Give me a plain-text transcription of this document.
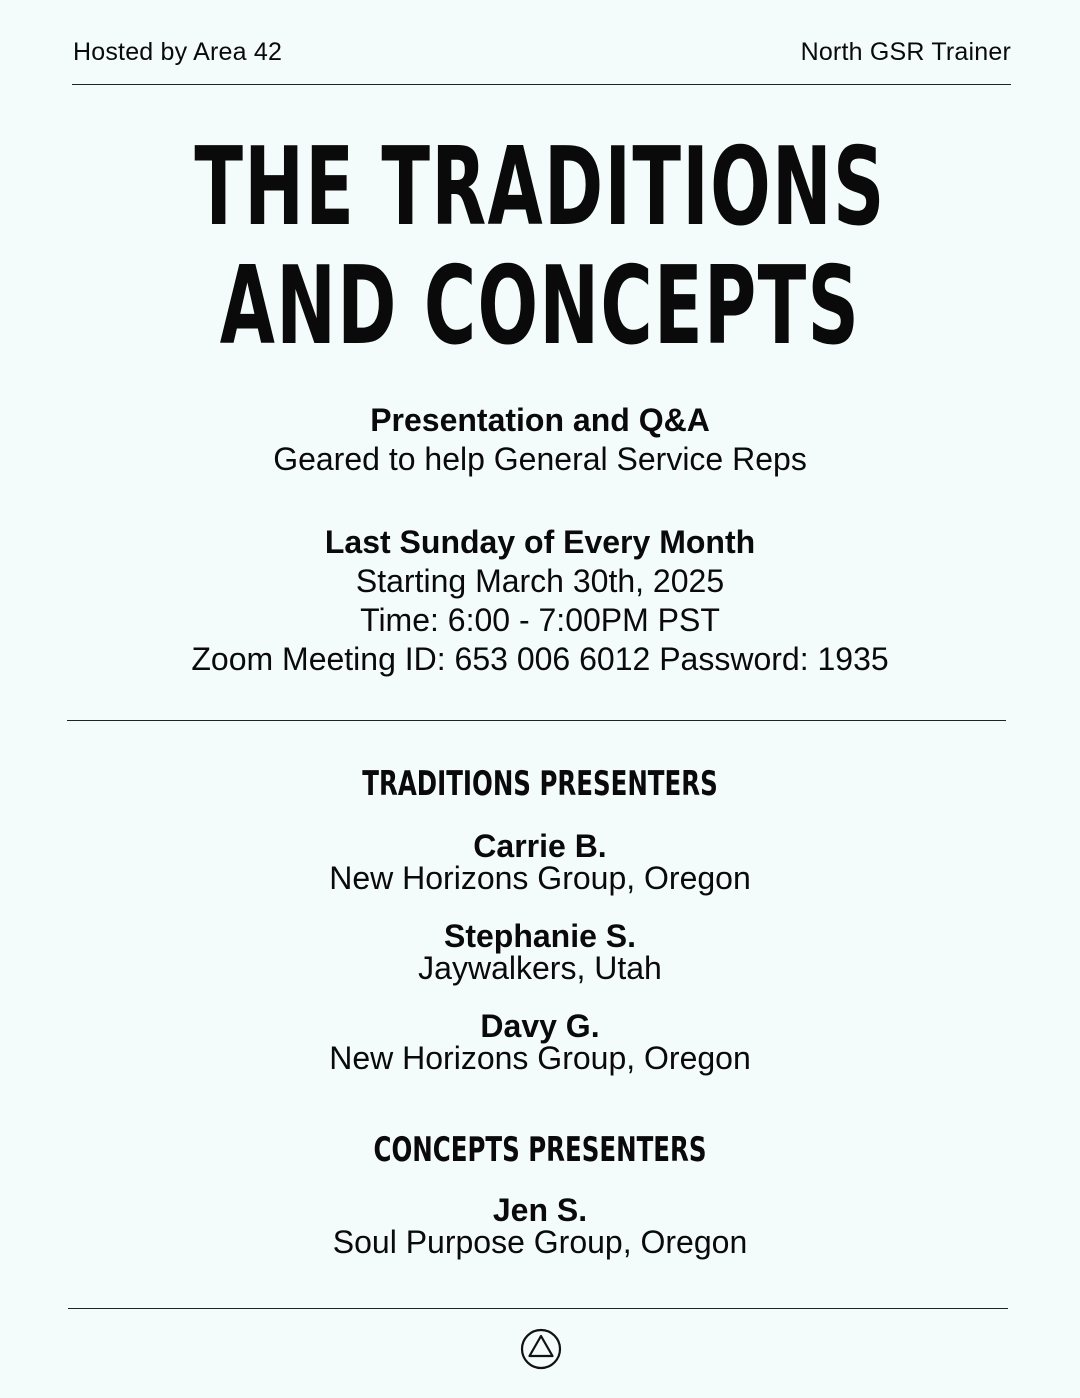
Hosted by Area 42	North GSR Trainer
THE TRADITIONS
AND CONCEPTS
Presentation and Q&A
Geared to help General Service Reps
Last Sunday of Every Month
Starting March 30th, 2025
Time: 6:00 - 7:00PM PST
Zoom Meeting ID: 653 006 6012 Password: 1935
TRADITIONS PRESENTERS
Carrie B.
New Horizons Group, Oregon
Stephanie S.
Jaywalkers, Utah
Davy G.
New Horizons Group, Oregon
CONCEPTS PRESENTERS
Jen S.
Soul Purpose Group, Oregon
